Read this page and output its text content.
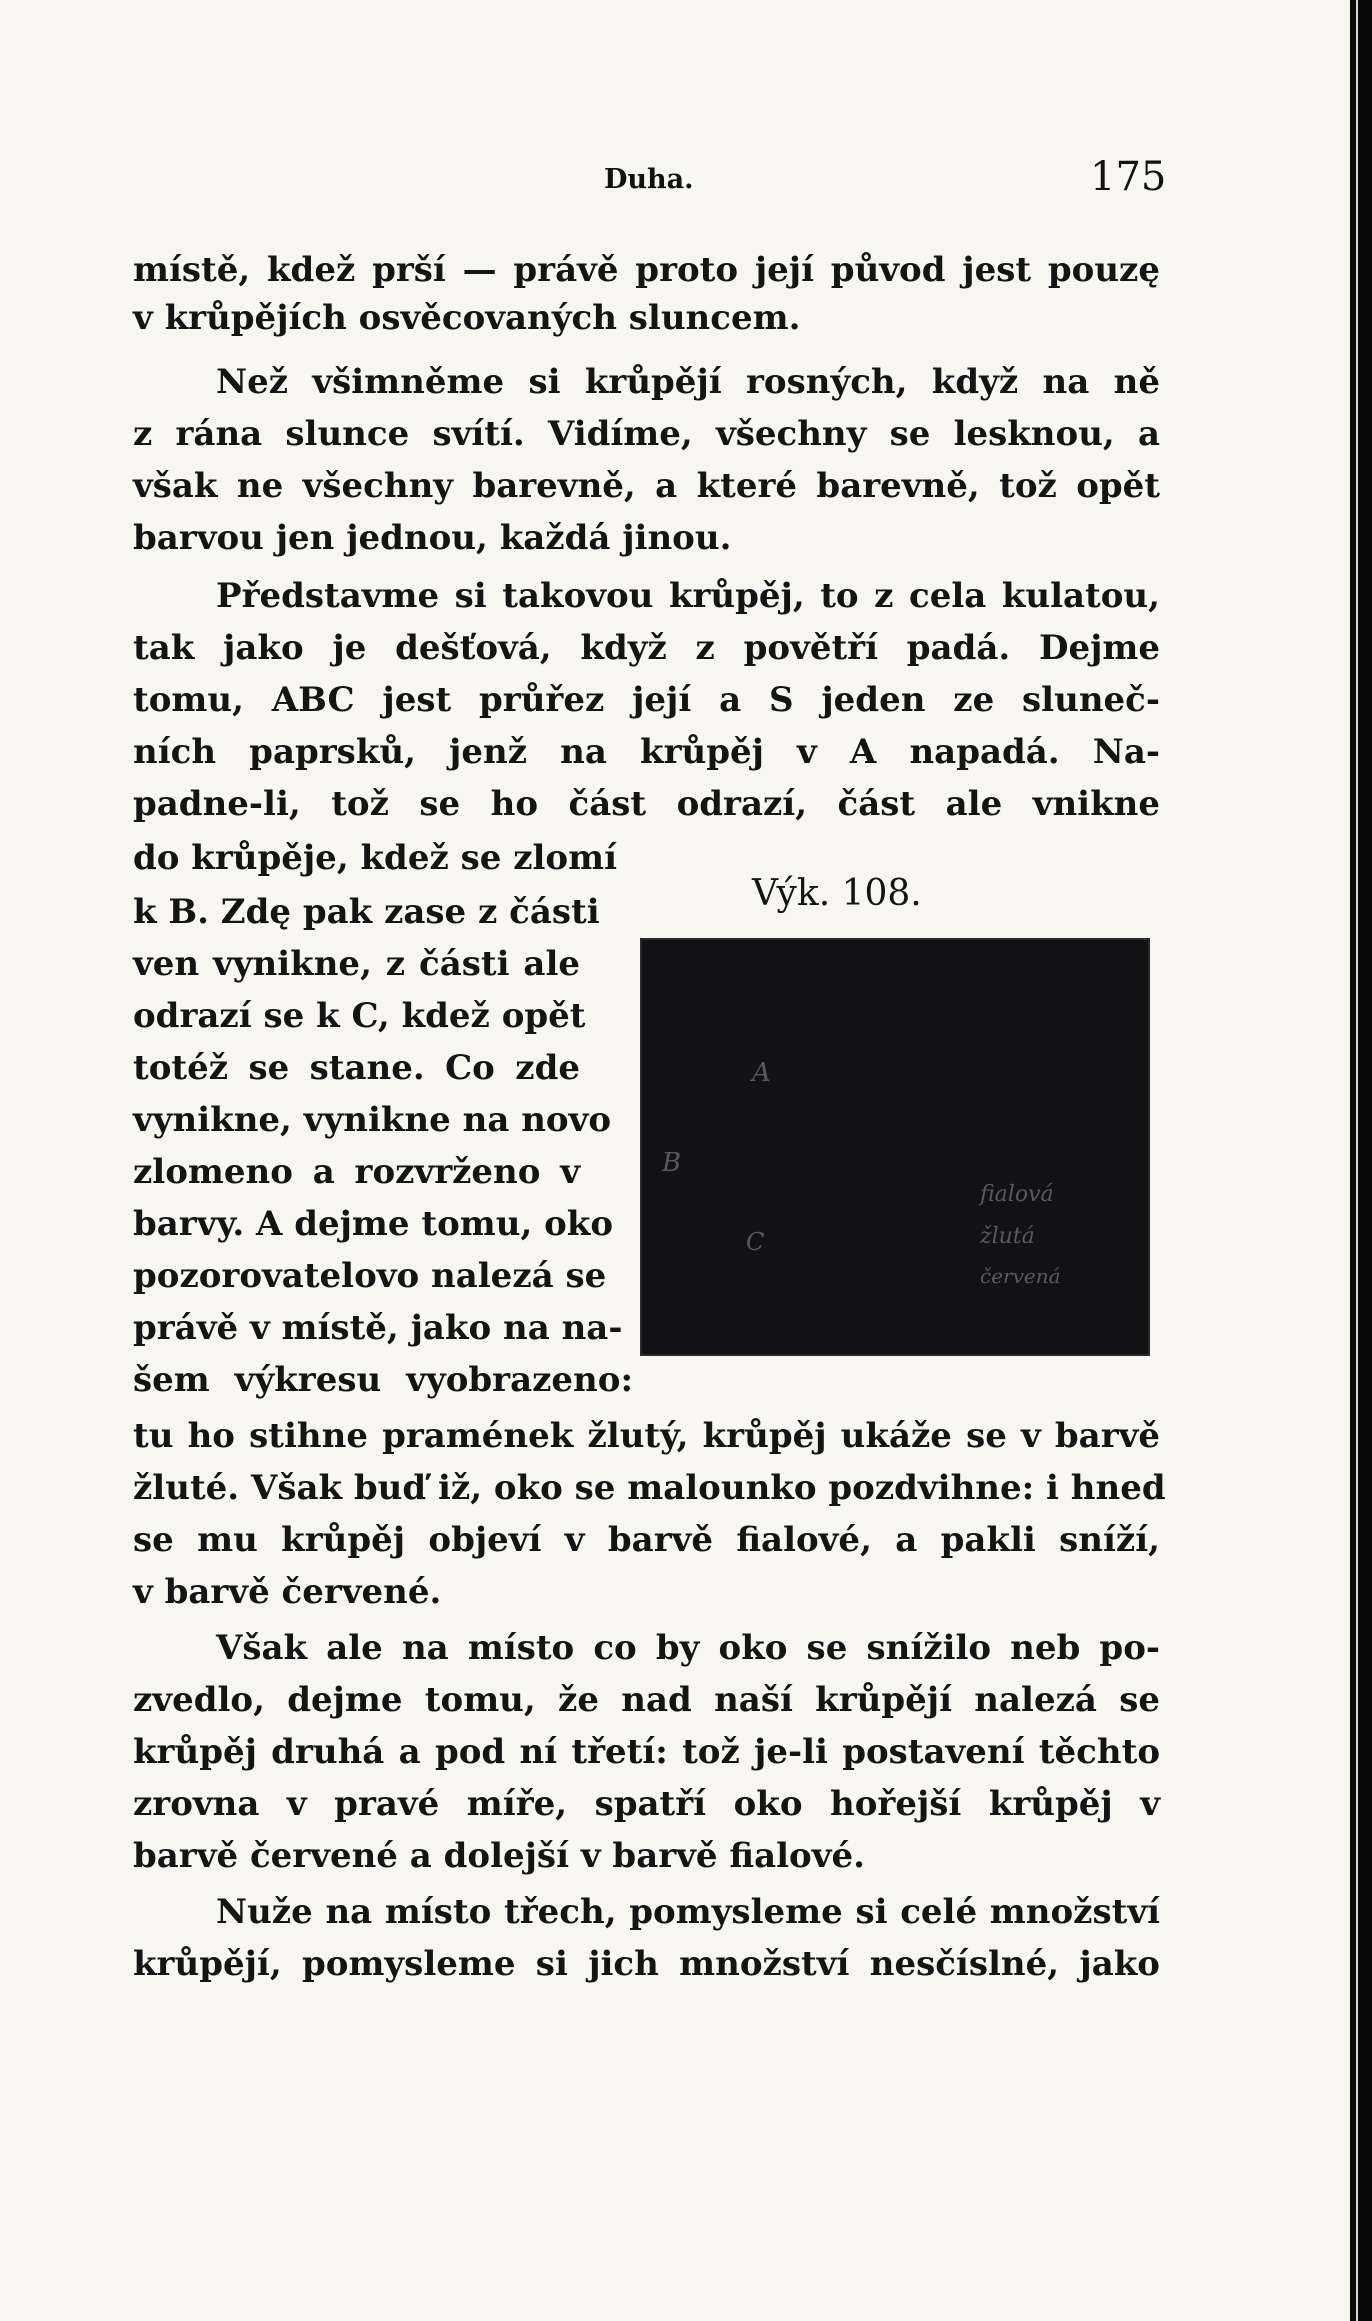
Duha.	175
místě, kdež prší — právě proto její původ jest pouzę
v krůpějích osvěcovaných sluncem.
Než všimněme si krůpějí rosných, když na ně
z rána slunce svítí. Vidíme, všechny se lesknou, a
však ne všechny barevně, a které barevně, tož opět
barvou jen jednou, každá jinou.
Představme si takovou krůpěj, to z cela kulatou,
tak jako je dešťová, když z povětří padá. Dejme
tomu, ABC jest průřez její a S jeden ze sluneč-
ních paprsků, jenž na krůpěj v A napadá. Na-
padne-li, tož se ho část odrazí, část ale vnikne
do krůpěje, kdež se zlomí
k B. Zdę pak zase z části
ven vynikne, z části ale
odrazí se k C, kdež opět
totéž se stane. Co zde
vynikne, vynikne na novo
zlomeno a rozvrženo v
barvy. A dejme tomu, oko
pozorovatelovo nalezá se
právě v místě, jako na na-
šem výkresu vyobrazeno:
tu ho stihne pramének žlutý, krůpěj ukáže se v barvě
žluté. Však buď iž, oko se malounko pozdvihne: i hned
se mu krůpěj objeví v barvě fialové, a pakli sníží,
v barvě červené.
Však ale na místo co by oko se snížilo neb po-
zvedlo, dejme tomu, že nad naší krůpějí nalezá se
krůpěj druhá a pod ní třetí: tož je-li postavení těchto
zrovna v pravé míře, spatří oko hořejší krůpěj v
barvě červené a dolejší v barvě fialové.
Nuže na místo třech, pomysleme si celé množství
krůpějí, pomysleme si jich množství nesčíslné, jako
Výk. 108.
A
B
C
fialová
žlutá
červená
